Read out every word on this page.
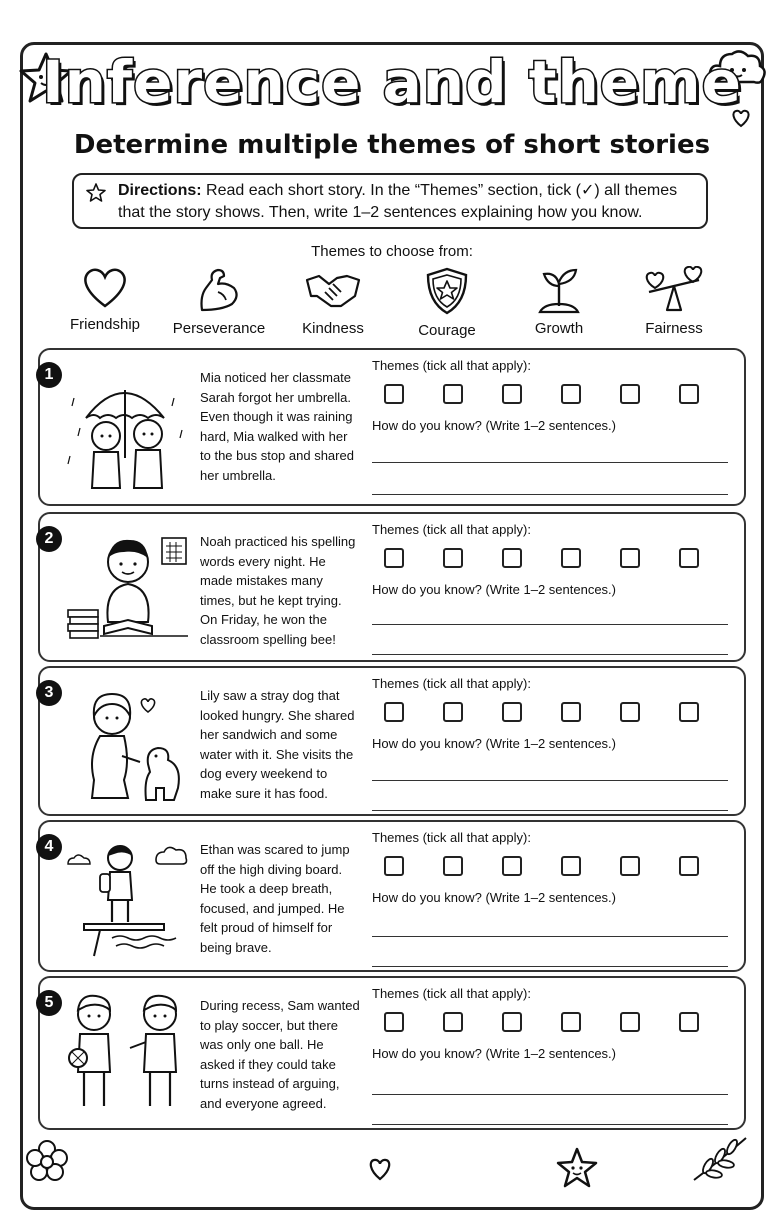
Inference and theme
Determine multiple themes of short stories
Directions: Read each short story. In the “Themes” section, tick (✓) all themes that the story shows. Then, write 1–2 sentences explaining how you know.
Themes to choose from:
Friendship	Perseverance	Kindness	Courage	Growth	Fairness
1	Mia noticed her classmate Sarah forgot her umbrella. Even though it was raining hard, Mia walked with her to the bus stop and shared her umbrella.
Themes (tick all that apply):
How do you know? (Write 1–2 sentences.)
2	Noah practiced his spelling words every night. He made mistakes many times, but he kept trying. On Friday, he won the classroom spelling bee!
Themes (tick all that apply):
How do you know? (Write 1–2 sentences.)
3	Lily saw a stray dog that looked hungry. She shared her sandwich and some water with it. She visits the dog every weekend to make sure it has food.
Themes (tick all that apply):
How do you know? (Write 1–2 sentences.)
4	Ethan was scared to jump off the high diving board. He took a deep breath, focused, and jumped. He felt proud of himself for being brave.
Themes (tick all that apply):
How do you know? (Write 1–2 sentences.)
5	During recess, Sam wanted to play soccer, but there was only one ball. He asked if they could take turns instead of arguing, and everyone agreed.
Themes (tick all that apply):
How do you know? (Write 1–2 sentences.)
